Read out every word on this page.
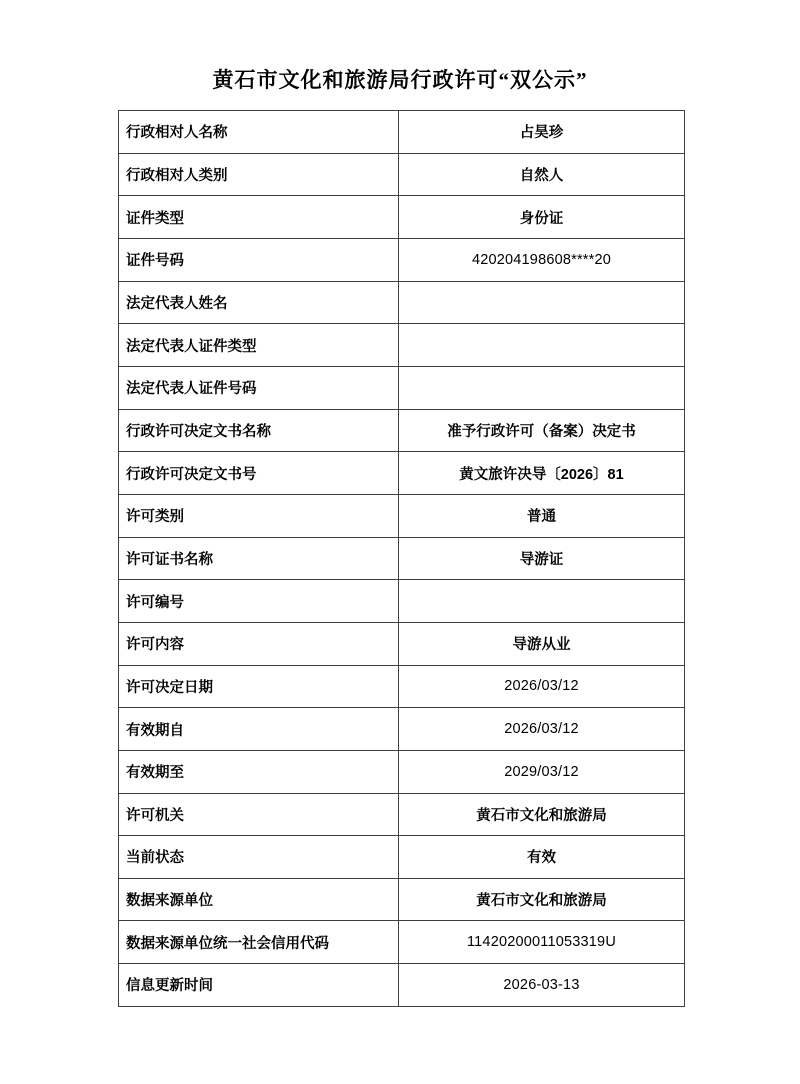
黄石市文化和旅游局行政许可“双公示”
行政相对人名称	占昊珍
行政相对人类别	自然人
证件类型	身份证
证件号码	420204198608****20
法定代表人姓名	
法定代表人证件类型	
法定代表人证件号码	
行政许可决定文书名称	准予行政许可（备案）决定书
行政许可决定文书号	黄文旅许决导〔2026〕81
许可类别	普通
许可证书名称	导游证
许可编号	
许可内容	导游从业
许可决定日期	2026/03/12
有效期自	2026/03/12
有效期至	2029/03/12
许可机关	黄石市文化和旅游局
当前状态	有效
数据来源单位	黄石市文化和旅游局
数据来源单位统一社会信用代码	11420200011053319U
信息更新时间	2026-03-13
